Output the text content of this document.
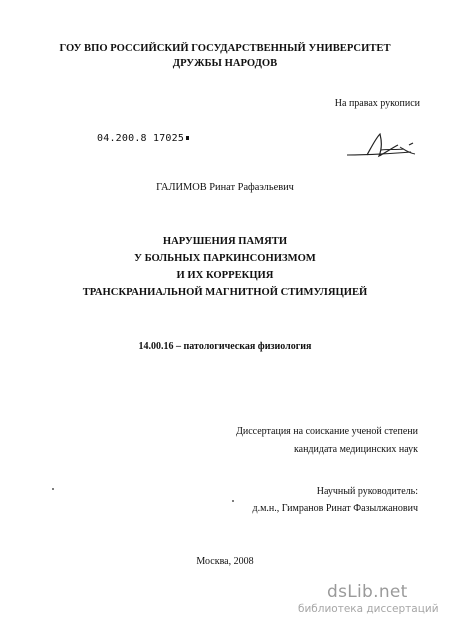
ГОУ ВПО РОССИЙСКИЙ ГОСУДАРСТВЕННЫЙ УНИВЕРСИТЕТ
ДРУЖБЫ НАРОДОВ
На правах рукописи
04.200.8 17025
ГАЛИМОВ Ринат Рафаэльевич
НАРУШЕНИЯ ПАМЯТИ
У БОЛЬНЫХ ПАРКИНСОНИЗМОМ
И ИХ КОРРЕКЦИЯ
ТРАНСКРАНИАЛЬНОЙ МАГНИТНОЙ СТИМУЛЯЦИЕЙ
14.00.16 – патологическая физиология
Диссертация на соискание ученой степени
кандидата медицинских наук
Научный руководитель:
д.м.н., Гимранов Ринат Фазылжанович
Москва, 2008
dsLib.net
библиотека диссертаций
